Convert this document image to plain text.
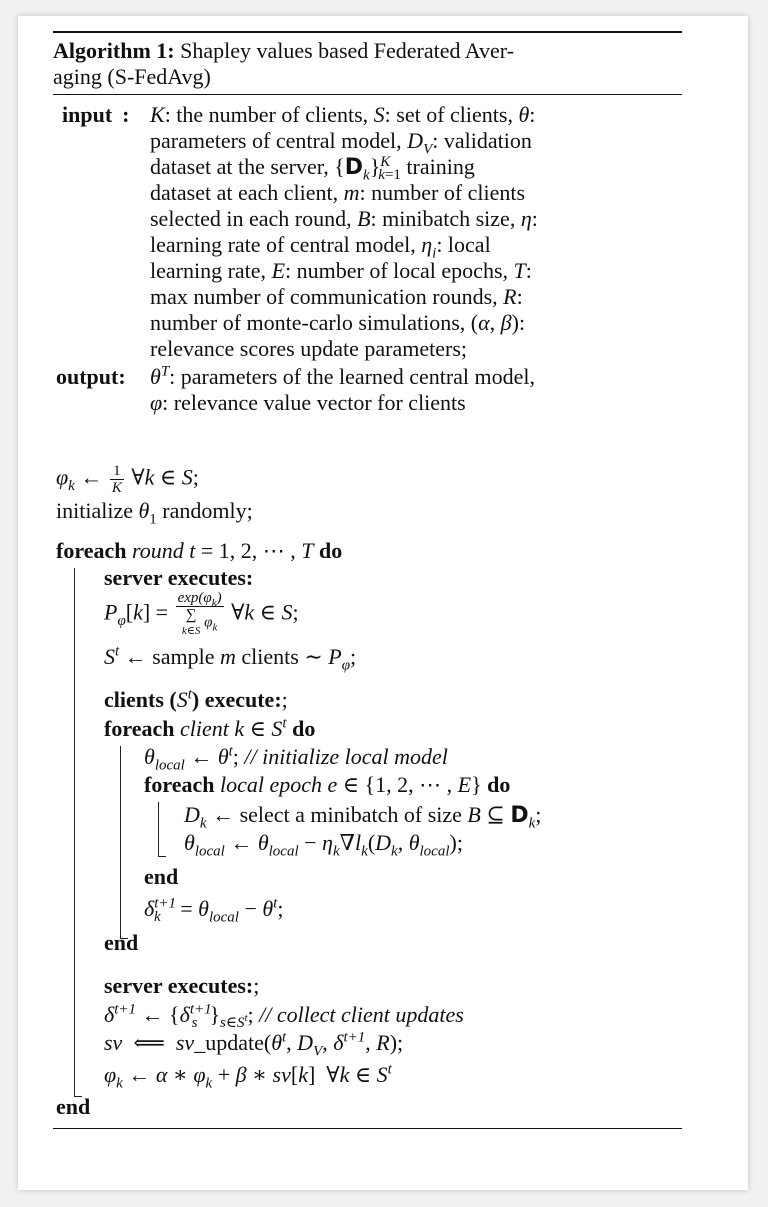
Algorithm 1: Shapley values based Federated Aver-
aging (S-FedAvg)
input : K: the number of clients, S: set of clients, θ:
parameters of central model, $D_V$: validation
dataset at the server, $\{D_k\}^K_{k=1}$ training
dataset at each client, m: number of clients
selected in each round, B: minibatch size, η:
learning rate of central model, $\eta_i$: local
learning rate, E: number of local epochs, T:
max number of communication rounds, R:
number of monte-carlo simulations, (α, β):
relevance scores update parameters;
output: $\theta^T$: parameters of the learned central model,
φ: relevance value vector for clients
$\varphi_k$ ← $\frac{1}{K}$ ∀k ∈ S;
initialize $\theta_1$ randomly;
foreach round t = 1, 2, ⋯ , T do
server executes:
$P_\varphi[k] = \exp(\varphi_k)$
∑
k∈S
$\varphi_k$ ∀k ∈ S;
$S^t$ ← sample m clients ∼ $P_\varphi$;
clients $(S^t)$ execute:;
foreach client k ∈ $S^t$ do
$\theta_{local}$ ← $\theta^t$; // initialize local model
foreach local epoch e ∈ {1, 2, ⋯ , E} do
$D_k$ ← select a minibatch of size B ⊆ $D_k$;
$\theta_{local}$ ← $\theta_{local} - \eta_k\nabla l_k(D_k$, $\theta_{local}$);
end
$\delta^{t+1}_k = \theta_{local} - \theta^t$;
end
server executes:;
$\delta^{t+1}$ ← {$\delta^{t+1}_s$ }$_{s\in S^t}$; // collect client updates
sv  ⟸  $sv\_update(\theta^t$, $D_V$, $\delta^{t+1}$, R);
$\varphi_k$ ← α ∗ $\varphi_k + \beta$ ∗ sv[k]  ∀k ∈ $S^t$
end
